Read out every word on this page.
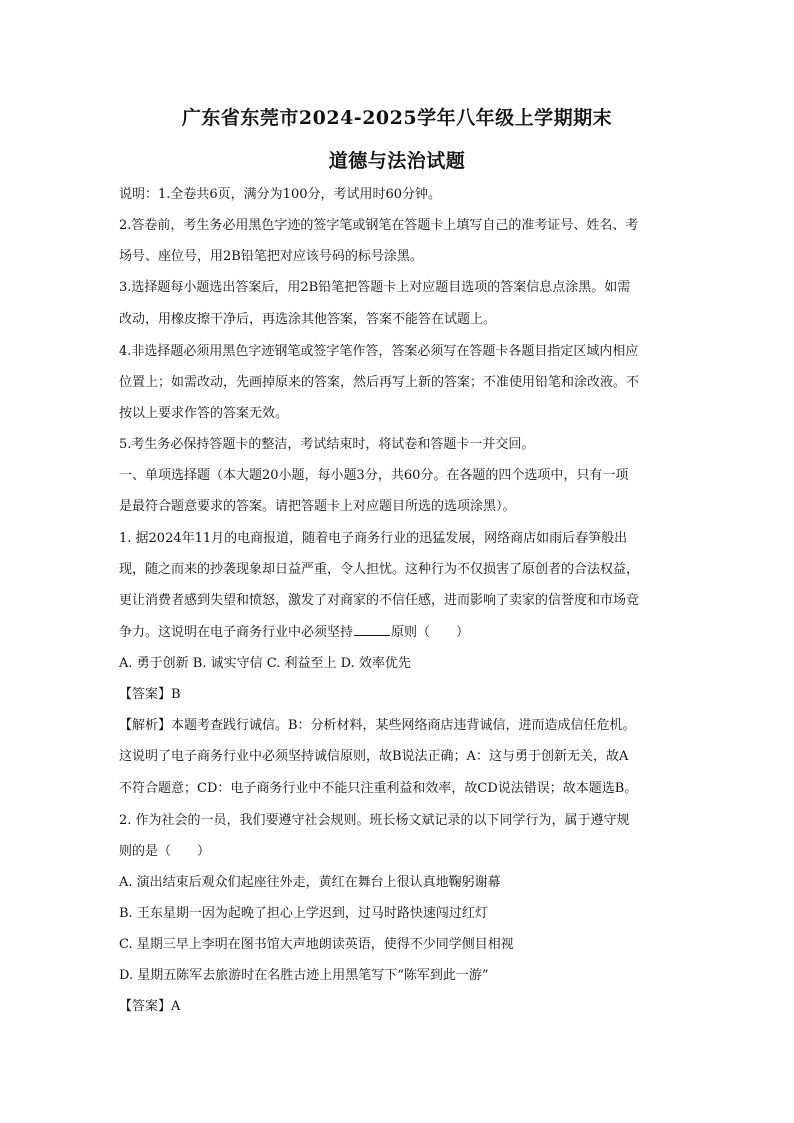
广东省东莞市2024-2025学年八年级上学期期末
道德与法治试题
说明：1.全卷共6页，满分为100分，考试用时60分钟。
2.答卷前，考生务必用黑色字迹的签字笔或钢笔在答题卡上填写自己的准考证号、姓名、考
场号、座位号，用2B铅笔把对应该号码的标号涂黑。
3.选择题每小题选出答案后，用2B铅笔把答题卡上对应题目选项的答案信息点涂黑。如需
改动，用橡皮擦干净后，再选涂其他答案，答案不能答在试题上。
4.非选择题必须用黑色字迹钢笔或签字笔作答，答案必须写在答题卡各题目指定区域内相应
位置上；如需改动，先画掉原来的答案，然后再写上新的答案；不准使用铅笔和涂改液。不
按以上要求作答的答案无效。
5.考生务必保持答题卡的整洁，考试结束时，将试卷和答题卡一并交回。
一、单项选择题（本大题20小题，每小题3分，共60分。在各题的四个选项中，只有一项
是最符合题意要求的答案。请把答题卡上对应题目所选的选项涂黑）。
1. 据2024年11月的电商报道，随着电子商务行业的迅猛发展，网络商店如雨后春笋般出
现，随之而来的抄袭现象却日益严重，令人担忧。这种行为不仅损害了原创者的合法权益，
更让消费者感到失望和愤怒，激发了对商家的不信任感，进而影响了卖家的信誉度和市场竞
争力。这说明在电子商务行业中必须坚持	原则（　　）
A. 勇于创新 B. 诚实守信 C. 利益至上 D. 效率优先
【答案】B
【解析】本题考查践行诚信。B：分析材料，某些网络商店违背诚信，进而造成信任危机。
这说明了电子商务行业中必须坚持诚信原则，故B说法正确；A：这与勇于创新无关，故A
不符合题意；CD：电子商务行业中不能只注重利益和效率，故CD说法错误；故本题选B。
2. 作为社会的一员，我们要遵守社会规则。班长杨文斌记录的以下同学行为，属于遵守规
则的是（　　）
A. 演出结束后观众们起座往外走，黄红在舞台上很认真地鞠躬谢幕
B. 王东星期一因为起晚了担心上学迟到，过马时路快速闯过红灯
C. 星期三早上李明在图书馆大声地朗读英语，使得不少同学侧目相视
D. 星期五陈军去旅游时在名胜古迹上用黑笔写下“陈军到此一游”
【答案】A
